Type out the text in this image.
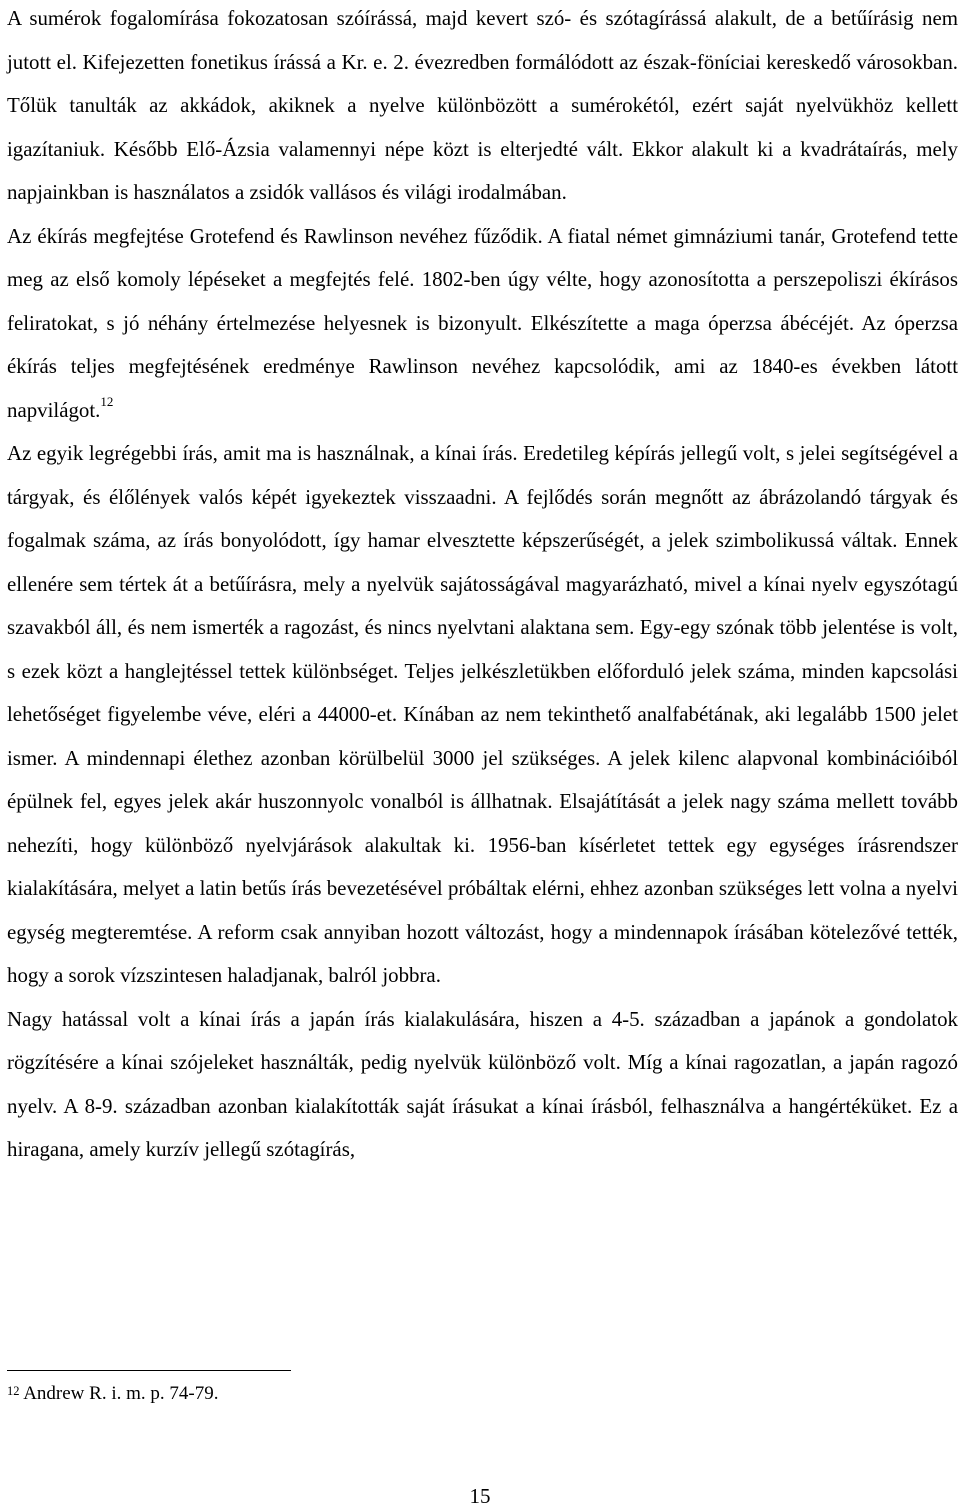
A sumérok fogalomírása fokozatosan szóírássá, majd kevert szó- és szótagírássá alakult, de a betűírásig nem jutott el. Kifejezetten fonetikus írássá a Kr. e. 2. évezredben formálódott az észak-föníciai kereskedő városokban. Tőlük tanulták az akkádok, akiknek a nyelve különbözött a sumérokétól, ezért saját nyelvükhöz kellett igazítaniuk. Később Elő-Ázsia valamennyi népe közt is elterjedté vált. Ekkor alakult ki a kvadrátaírás, mely napjainkban is használatos a zsidók vallásos és világi irodalmában.

Az ékírás megfejtése Grotefend és Rawlinson nevéhez fűződik. A fiatal német gimnáziumi tanár, Grotefend tette meg az első komoly lépéseket a megfejtés felé. 1802-ben úgy vélte, hogy azonosította a perszepoliszi ékírásos feliratokat, s jó néhány értelmezése helyesnek is bizonyult. Elkészítette a maga óperzsa ábécéjét. Az óperzsa ékírás teljes megfejtésének eredménye Rawlinson nevéhez kapcsolódik, ami az 1840-es években látott napvilágot.$^{12}$

Az egyik legrégebbi írás, amit ma is használnak, a kínai írás. Eredetileg képírás jellegű volt, s jelei segítségével a tárgyak, és élőlények valós képét igyekeztek visszaadni. A fejlődés során megnőtt az ábrázolandó tárgyak és fogalmak száma, az írás bonyolódott, így hamar elvesztette képszerűségét, a jelek szimbolikussá váltak. Ennek ellenére sem tértek át a betűírásra, mely a nyelvük sajátosságával magyarázható, mivel a kínai nyelv egyszótagú szavakból áll, és nem ismerték a ragozást, és nincs nyelvtani alaktana sem. Egy-egy szónak több jelentése is volt, s ezek közt a hanglejtéssel tettek különbséget. Teljes jelkészletükben előforduló jelek száma, minden kapcsolási lehetőséget figyelembe véve, eléri a 44000-et. Kínában az nem tekinthető analfabétának, aki legalább 1500 jelet ismer. A mindennapi élethez azonban körülbelül 3000 jel szükséges. A jelek kilenc alapvonal kombinációiból épülnek fel, egyes jelek akár huszonnyolc vonalból is állhatnak. Elsajátítását a jelek nagy száma mellett tovább nehezíti, hogy különböző nyelvjárások alakultak ki. 1956-ban kísérletet tettek egy egységes írásrendszer kialakítására, melyet a latin betűs írás bevezetésével próbáltak elérni, ehhez azonban szükséges lett volna a nyelvi egység megteremtése. A reform csak annyiban hozott változást, hogy a mindennapok írásában kötelezővé tették, hogy a sorok vízszintesen haladjanak, balról jobbra.

Nagy hatással volt a kínai írás a japán írás kialakulására, hiszen a 4-5. században a japánok a gondolatok rögzítésére a kínai szójeleket használták, pedig nyelvük különböző volt. Míg a kínai ragozatlan, a japán ragozó nyelv. A 8-9. században azonban kialakították saját írásukat a kínai írásból, felhasználva a hangértéküket. Ez a hiragana, amely kurzív jellegű szótagírás,

$^{12}$ Andrew R. i. m. p. 74-79.
15
